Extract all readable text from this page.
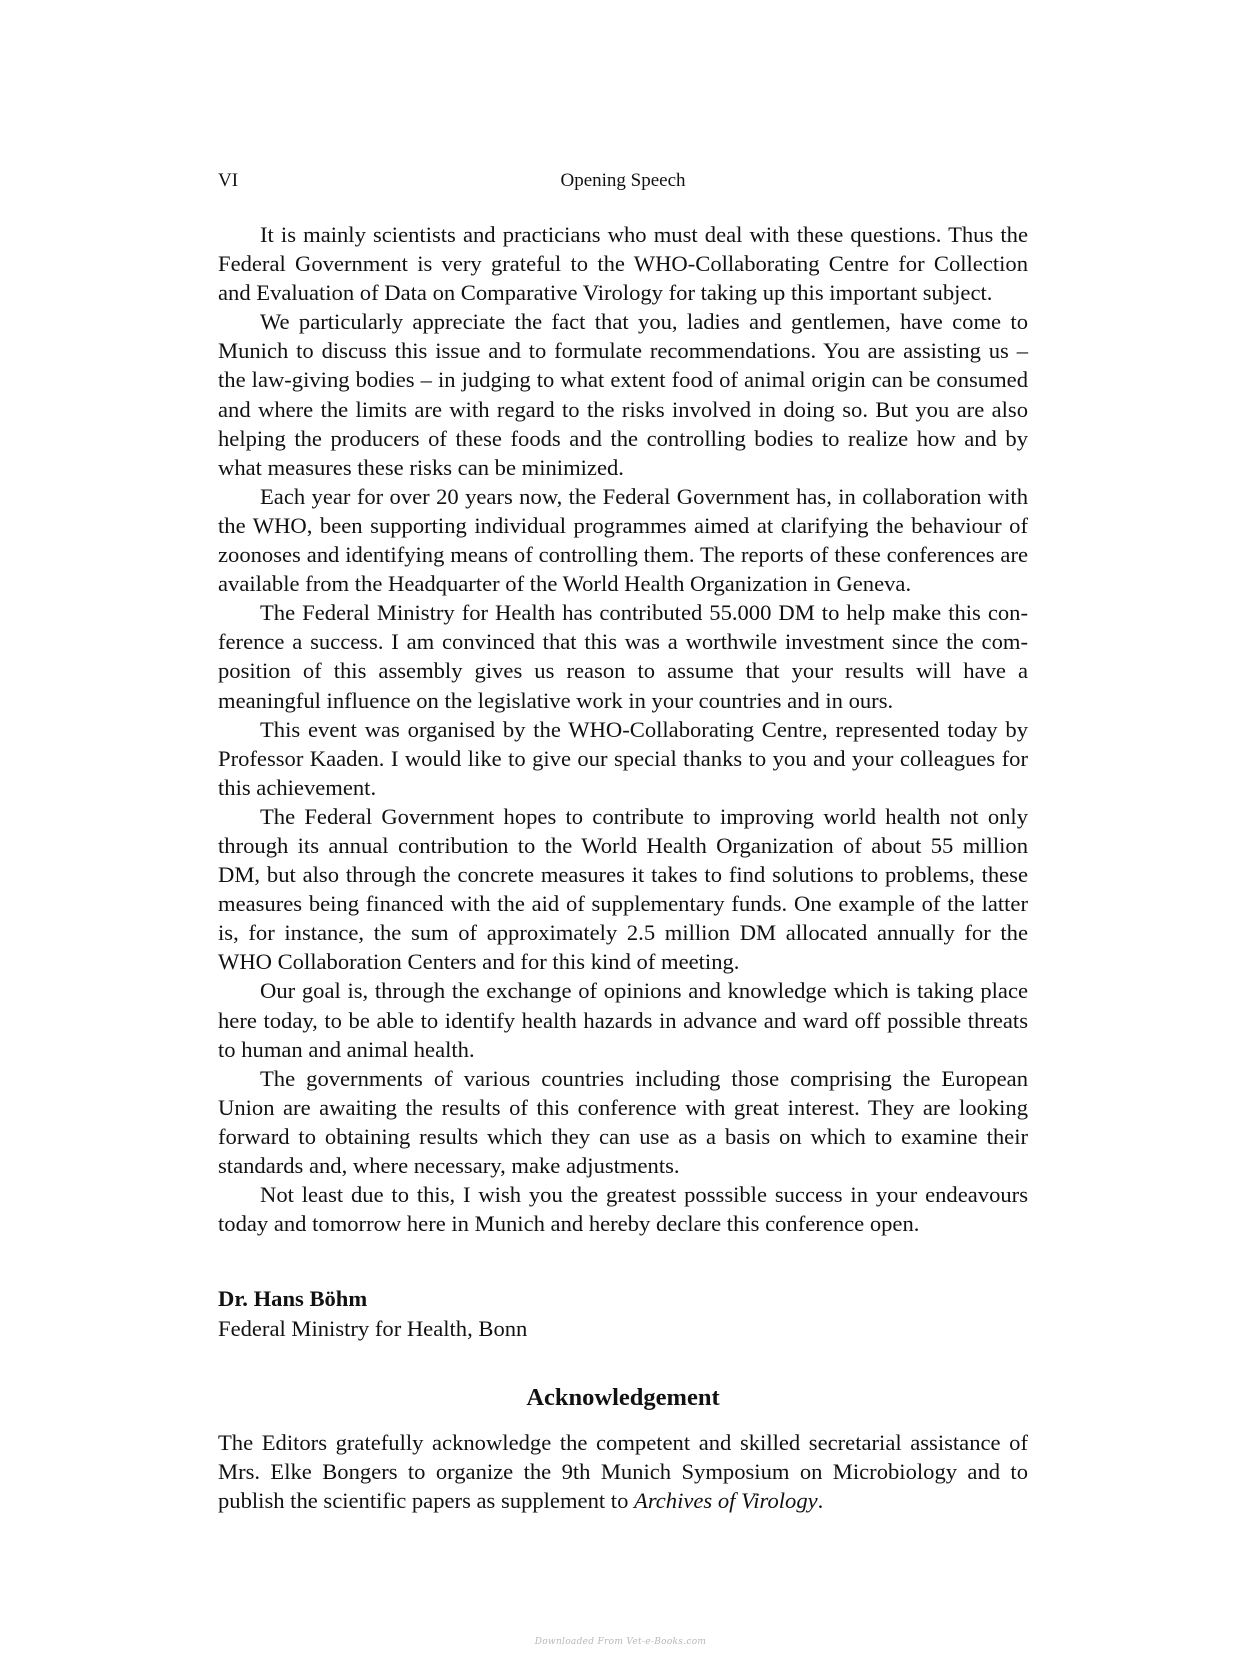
VI	Opening Speech

It is mainly scientists and practicians who must deal with these questions. Thus the Federal Government is very grateful to the WHO-Collaborating Centre for Collection and Evaluation of Data on Comparative Virology for taking up this important subject.

We particularly appreciate the fact that you, ladies and gentlemen, have come to Munich to discuss this issue and to formulate recommendations. You are assisting us – the law-giving bodies – in judging to what extent food of animal origin can be consumed and where the limits are with regard to the risks involved in doing so. But you are also helping the producers of these foods and the controlling bodies to realize how and by what measures these risks can be minimized.

Each year for over 20 years now, the Federal Government has, in collaboration with the WHO, been supporting individual programmes aimed at clarifying the behaviour of zoonoses and identifying means of controlling them. The reports of these conferences are available from the Headquarter of the World Health Organization in Geneva.

The Federal Ministry for Health has contributed 55.000 DM to help make this conference a success. I am convinced that this was a worthwile investment since the composition of this assembly gives us reason to assume that your results will have a meaningful influence on the legislative work in your countries and in ours.

This event was organised by the WHO-Collaborating Centre, represented today by Professor Kaaden. I would like to give our special thanks to you and your colleagues for this achievement.

The Federal Government hopes to contribute to improving world health not only through its annual contribution to the World Health Organization of about 55 million DM, but also through the concrete measures it takes to find solutions to problems, these measures being financed with the aid of supplementary funds. One example of the latter is, for instance, the sum of approximately 2.5 million DM allocated annually for the WHO Collaboration Centers and for this kind of meeting.

Our goal is, through the exchange of opinions and knowledge which is taking place here today, to be able to identify health hazards in advance and ward off possible threats to human and animal health.

The governments of various countries including those comprising the European Union are awaiting the results of this conference with great interest. They are looking forward to obtaining results which they can use as a basis on which to examine their standards and, where necessary, make adjustments.

Not least due to this, I wish you the greatest posssible success in your endeavours today and tomorrow here in Munich and hereby declare this conference open.

Dr. Hans Böhm
Federal Ministry for Health, Bonn
Acknowledgement

The Editors gratefully acknowledge the competent and skilled secretarial assistance of Mrs. Elke Bongers to organize the 9th Munich Symposium on Microbiology and to publish the scientific papers as supplement to Archives of Virology.

Downloaded From Vet-e-Books.com
